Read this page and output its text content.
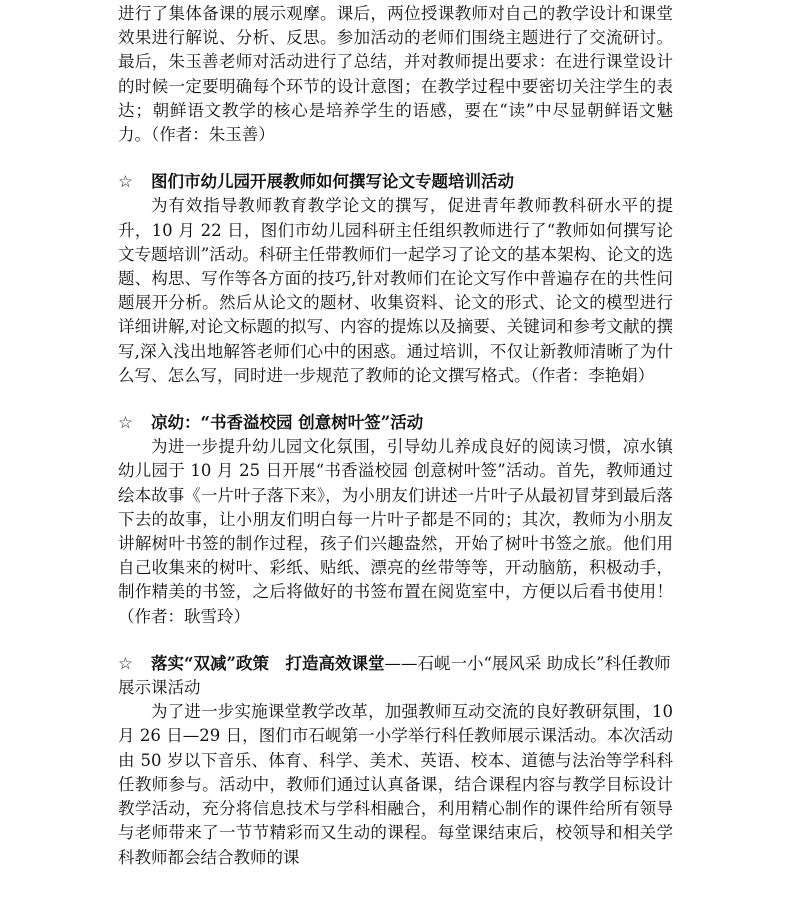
进行了集体备课的展示观摩。课后，两位授课教师对自己的教学设计和课堂效果进行解说、分析、反思。参加活动的老师们围绕主题进行了交流研讨。最后，朱玉善老师对活动进行了总结，并对教师提出要求：在进行课堂设计的时候一定要明确每个环节的设计意图；在教学过程中要密切关注学生的表达；朝鲜语文教学的核心是培养学生的语感，要在“读”中尽显朝鲜语文魅力。（作者：朱玉善）

☆ 图们市幼儿园开展教师如何撰写论文专题培训活动

为有效指导教师教育教学论文的撰写，促进青年教师教科研水平的提升，10 月 22 日，图们市幼儿园科研主任组织教师进行了“教师如何撰写论文专题培训”活动。科研主任带教师们一起学习了论文的基本架构、论文的选题、构思、写作等各方面的技巧,针对教师们在论文写作中普遍存在的共性问题展开分析。然后从论文的题材、收集资料、论文的形式、论文的模型进行详细讲解,对论文标题的拟写、内容的提炼以及摘要、关键词和参考文献的撰写,深入浅出地解答老师们心中的困惑。通过培训，不仅让新教师清晰了为什么写、怎么写，同时进一步规范了教师的论文撰写格式。（作者：李艳娟）

☆ 凉幼：“书香溢校园 创意树叶签”活动

为进一步提升幼儿园文化氛围，引导幼儿养成良好的阅读习惯，凉水镇幼儿园于 10 月 25 日开展“书香溢校园 创意树叶签”活动。首先，教师通过绘本故事《一片叶子落下来》，为小朋友们讲述一片叶子从最初冒芽到最后落下去的故事，让小朋友们明白每一片叶子都是不同的；其次，教师为小朋友讲解树叶书签的制作过程，孩子们兴趣盎然，开始了树叶书签之旅。他们用自己收集来的树叶、彩纸、贴纸、漂亮的丝带等等，开动脑筋，积极动手，制作精美的书签，之后将做好的书签布置在阅览室中，方便以后看书使用！（作者：耿雪玲）

☆ 落实“双减”政策　打造高效课堂——石岘一小“展风采 助成长”科任教师展示课活动

为了进一步实施课堂教学改革，加强教师互动交流的良好教研氛围，10 月 26 日—29 日，图们市石岘第一小学举行科任教师展示课活动。本次活动由 50 岁以下音乐、体育、科学、美术、英语、校本、道德与法治等学科科任教师参与。活动中，教师们通过认真备课，结合课程内容与教学目标设计教学活动，充分将信息技术与学科相融合，利用精心制作的课件给所有领导与老师带来了一节节精彩而又生动的课程。每堂课结束后，校领导和相关学科教师都会结合教师的课
